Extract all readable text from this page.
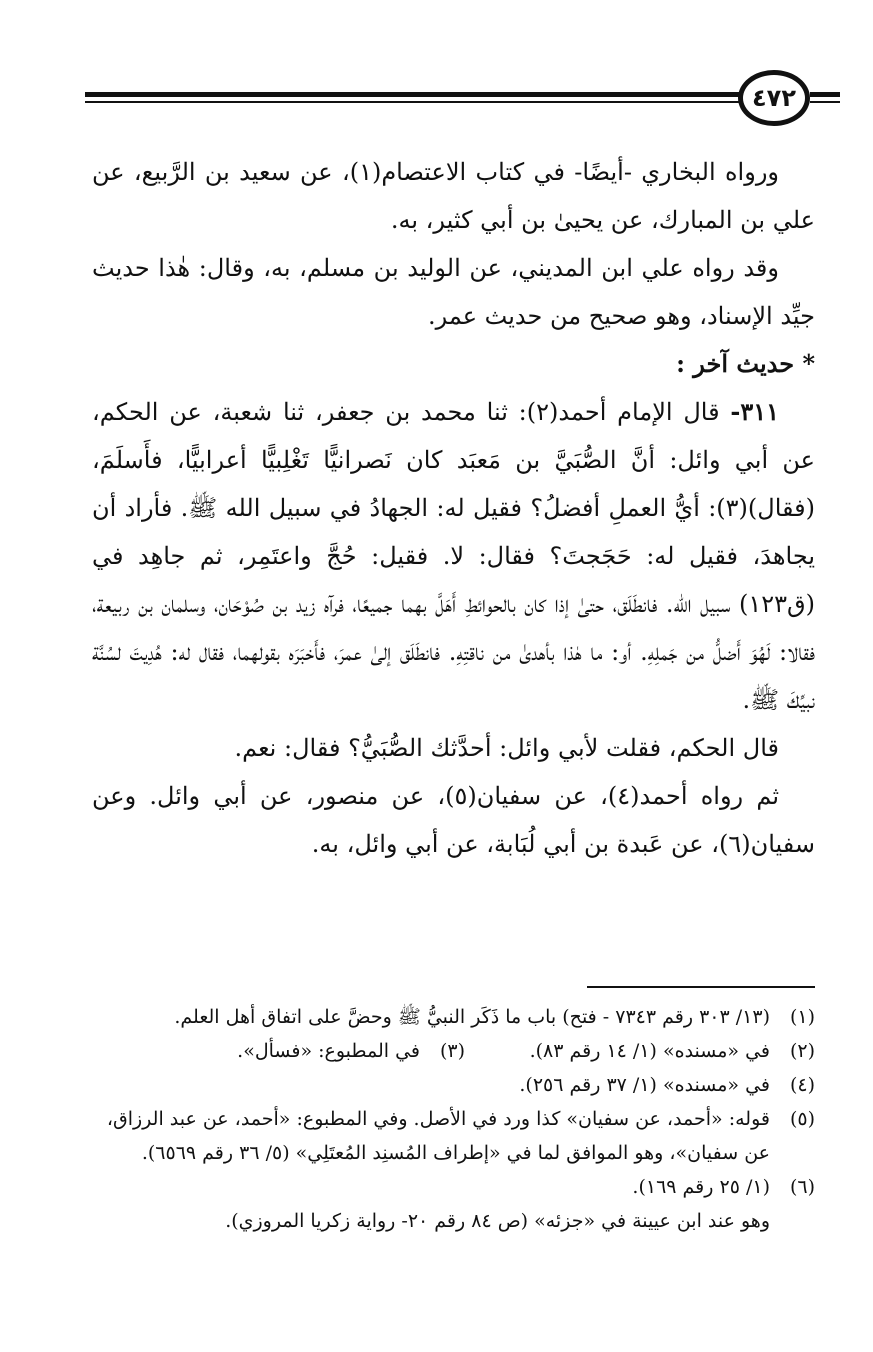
٤٧٢

ورواه البخاري -أيضًا- في كتاب الاعتصام(١)، عن سعيد بن الرَّبيع، عن علي بن المبارك، عن يحيىٰ بن أبي كثير، به.

وقد رواه علي ابن المديني، عن الوليد بن مسلم، به، وقال: هٰذا حديث جيِّد الإسناد، وهو صحيح من حديث عمر.

* حديث آخر :

٣١١- قال الإمام أحمد(٢): ثنا محمد بن جعفر، ثنا شعبة، عن الحكم، عن أبي وائل: أنَّ الصُّبَيَّ بن مَعبَد كان نَصرانيًّا تَغْلِبيًّا أعرابيًّا، فأَسلَمَ، (فقال)(٣): أيُّ العملِ أفضلُ؟ فقيل له: الجهادُ في سبيل الله ﷺ. فأراد أن يجاهدَ، فقيل له: حَجَجتَ؟ فقال: لا. فقيل: حُجَّ واعتَمِر، ثم جاهِد في (ق١٢٣) سبيل الله. فانطَلَق، حتىٰ إذا كان بالحوائطِ أَهَلَّ بهما جميعًا، فرآه زيد بن صُوْحَان، وسلمان بن ربيعة، فقالا: لَهُوَ أَضلُّ من جَملِهِ. أو: ما هٰذا بأهدىٰ من ناقتِهِ. فانطَلَق إلىٰ عمرَ، فأَخبَرَه بقولهما، فقال له: هُدِيتَ لسُنَّة نبيِّكَ ﷺ.

قال الحكم، فقلت لأبي وائل: أحدَّثك الصُّبَيُّ؟ فقال: نعم.

ثم رواه أحمد(٤)، عن سفيان(٥)، عن منصور، عن أبي وائل. وعن سفيان(٦)، عن عَبدة بن أبي لُبَابة، عن أبي وائل، به.

(١)
(١٣/ ٣٠٣ رقم ٧٣٤٣ - فتح) باب ما ذَكَر النبيُّ ﷺ وحضَّ على اتفاق أهل العلم.
(٢)
في «مسنده» (١/ ١٤ رقم ٨٣).
(٣)
في المطبوع: «فسأل».
(٤)
في «مسنده» (١/ ٣٧ رقم ٢٥٦).
(٥)
قوله: «أحمد، عن سفيان» كذا ورد في الأصل. وفي المطبوع: «أحمد، عن عبد الرزاق، عن سفيان»، وهو الموافق لما في «إطراف المُسنِد المُعتَلِي» (٥/ ٣٦ رقم ٦٥٦٩).
(٦)
(١/ ٢٥ رقم ١٦٩).
وهو عند ابن عيينة في «جزئه» (ص ٨٤ رقم ٢٠- رواية زكريا المروزي).
